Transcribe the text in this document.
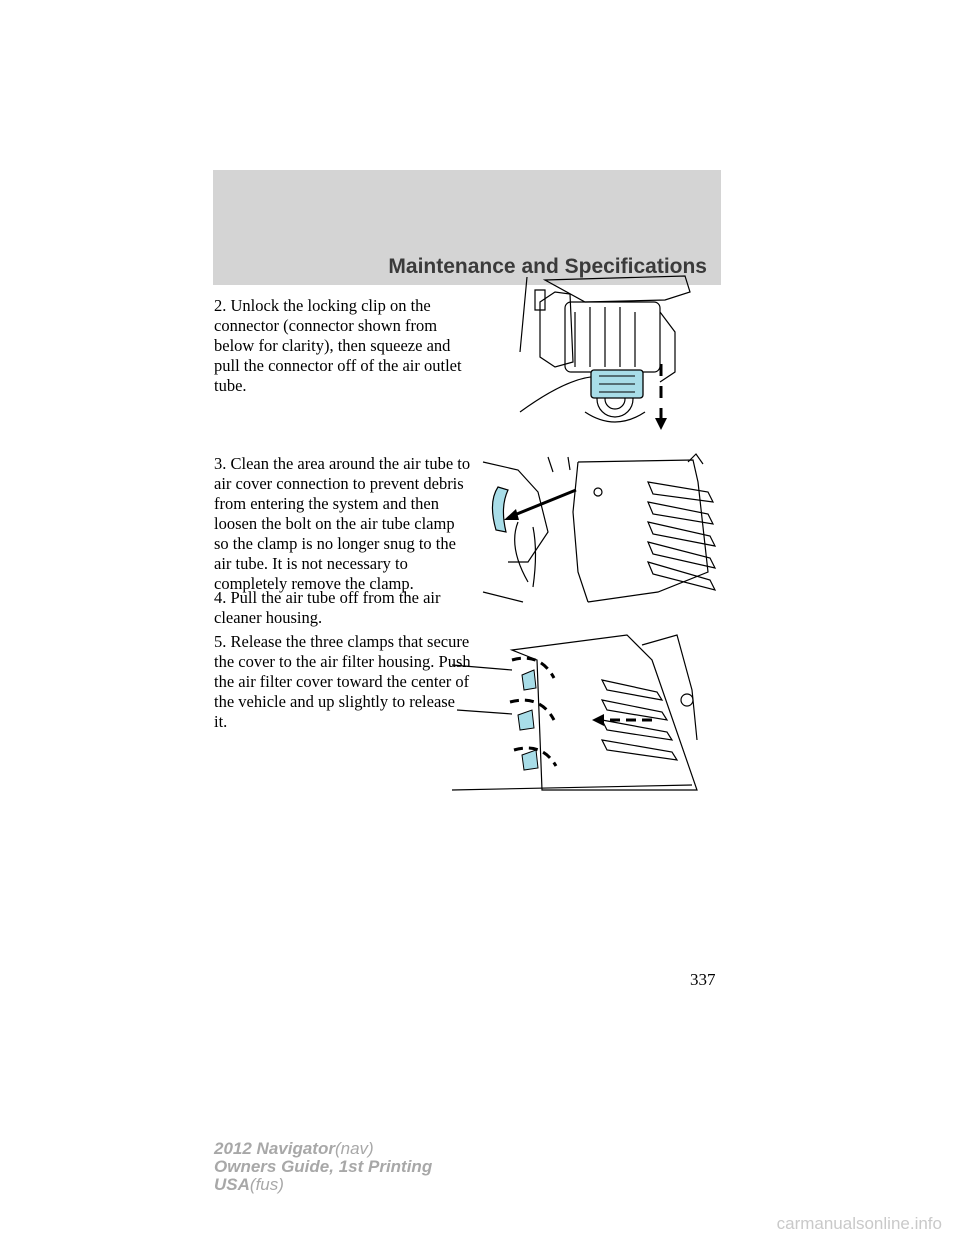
Maintenance and Specifications

2. Unlock the locking clip on the connector (connector shown from below for clarity), then squeeze and pull the connector off of the air outlet tube.

3. Clean the area around the air tube to air cover connection to prevent debris from entering the system and then loosen the bolt on the air tube clamp so the clamp is no longer snug to the air tube. It is not necessary to completely remove the clamp.

4. Pull the air tube off from the air cleaner housing.

5. Release the three clamps that secure the cover to the air filter housing. Push the air filter cover toward the center of the vehicle and up slightly to release it.

337
2012 Navigator(nav)
Owners Guide, 1st Printing
USA(fus)
carmanualsonline.info
